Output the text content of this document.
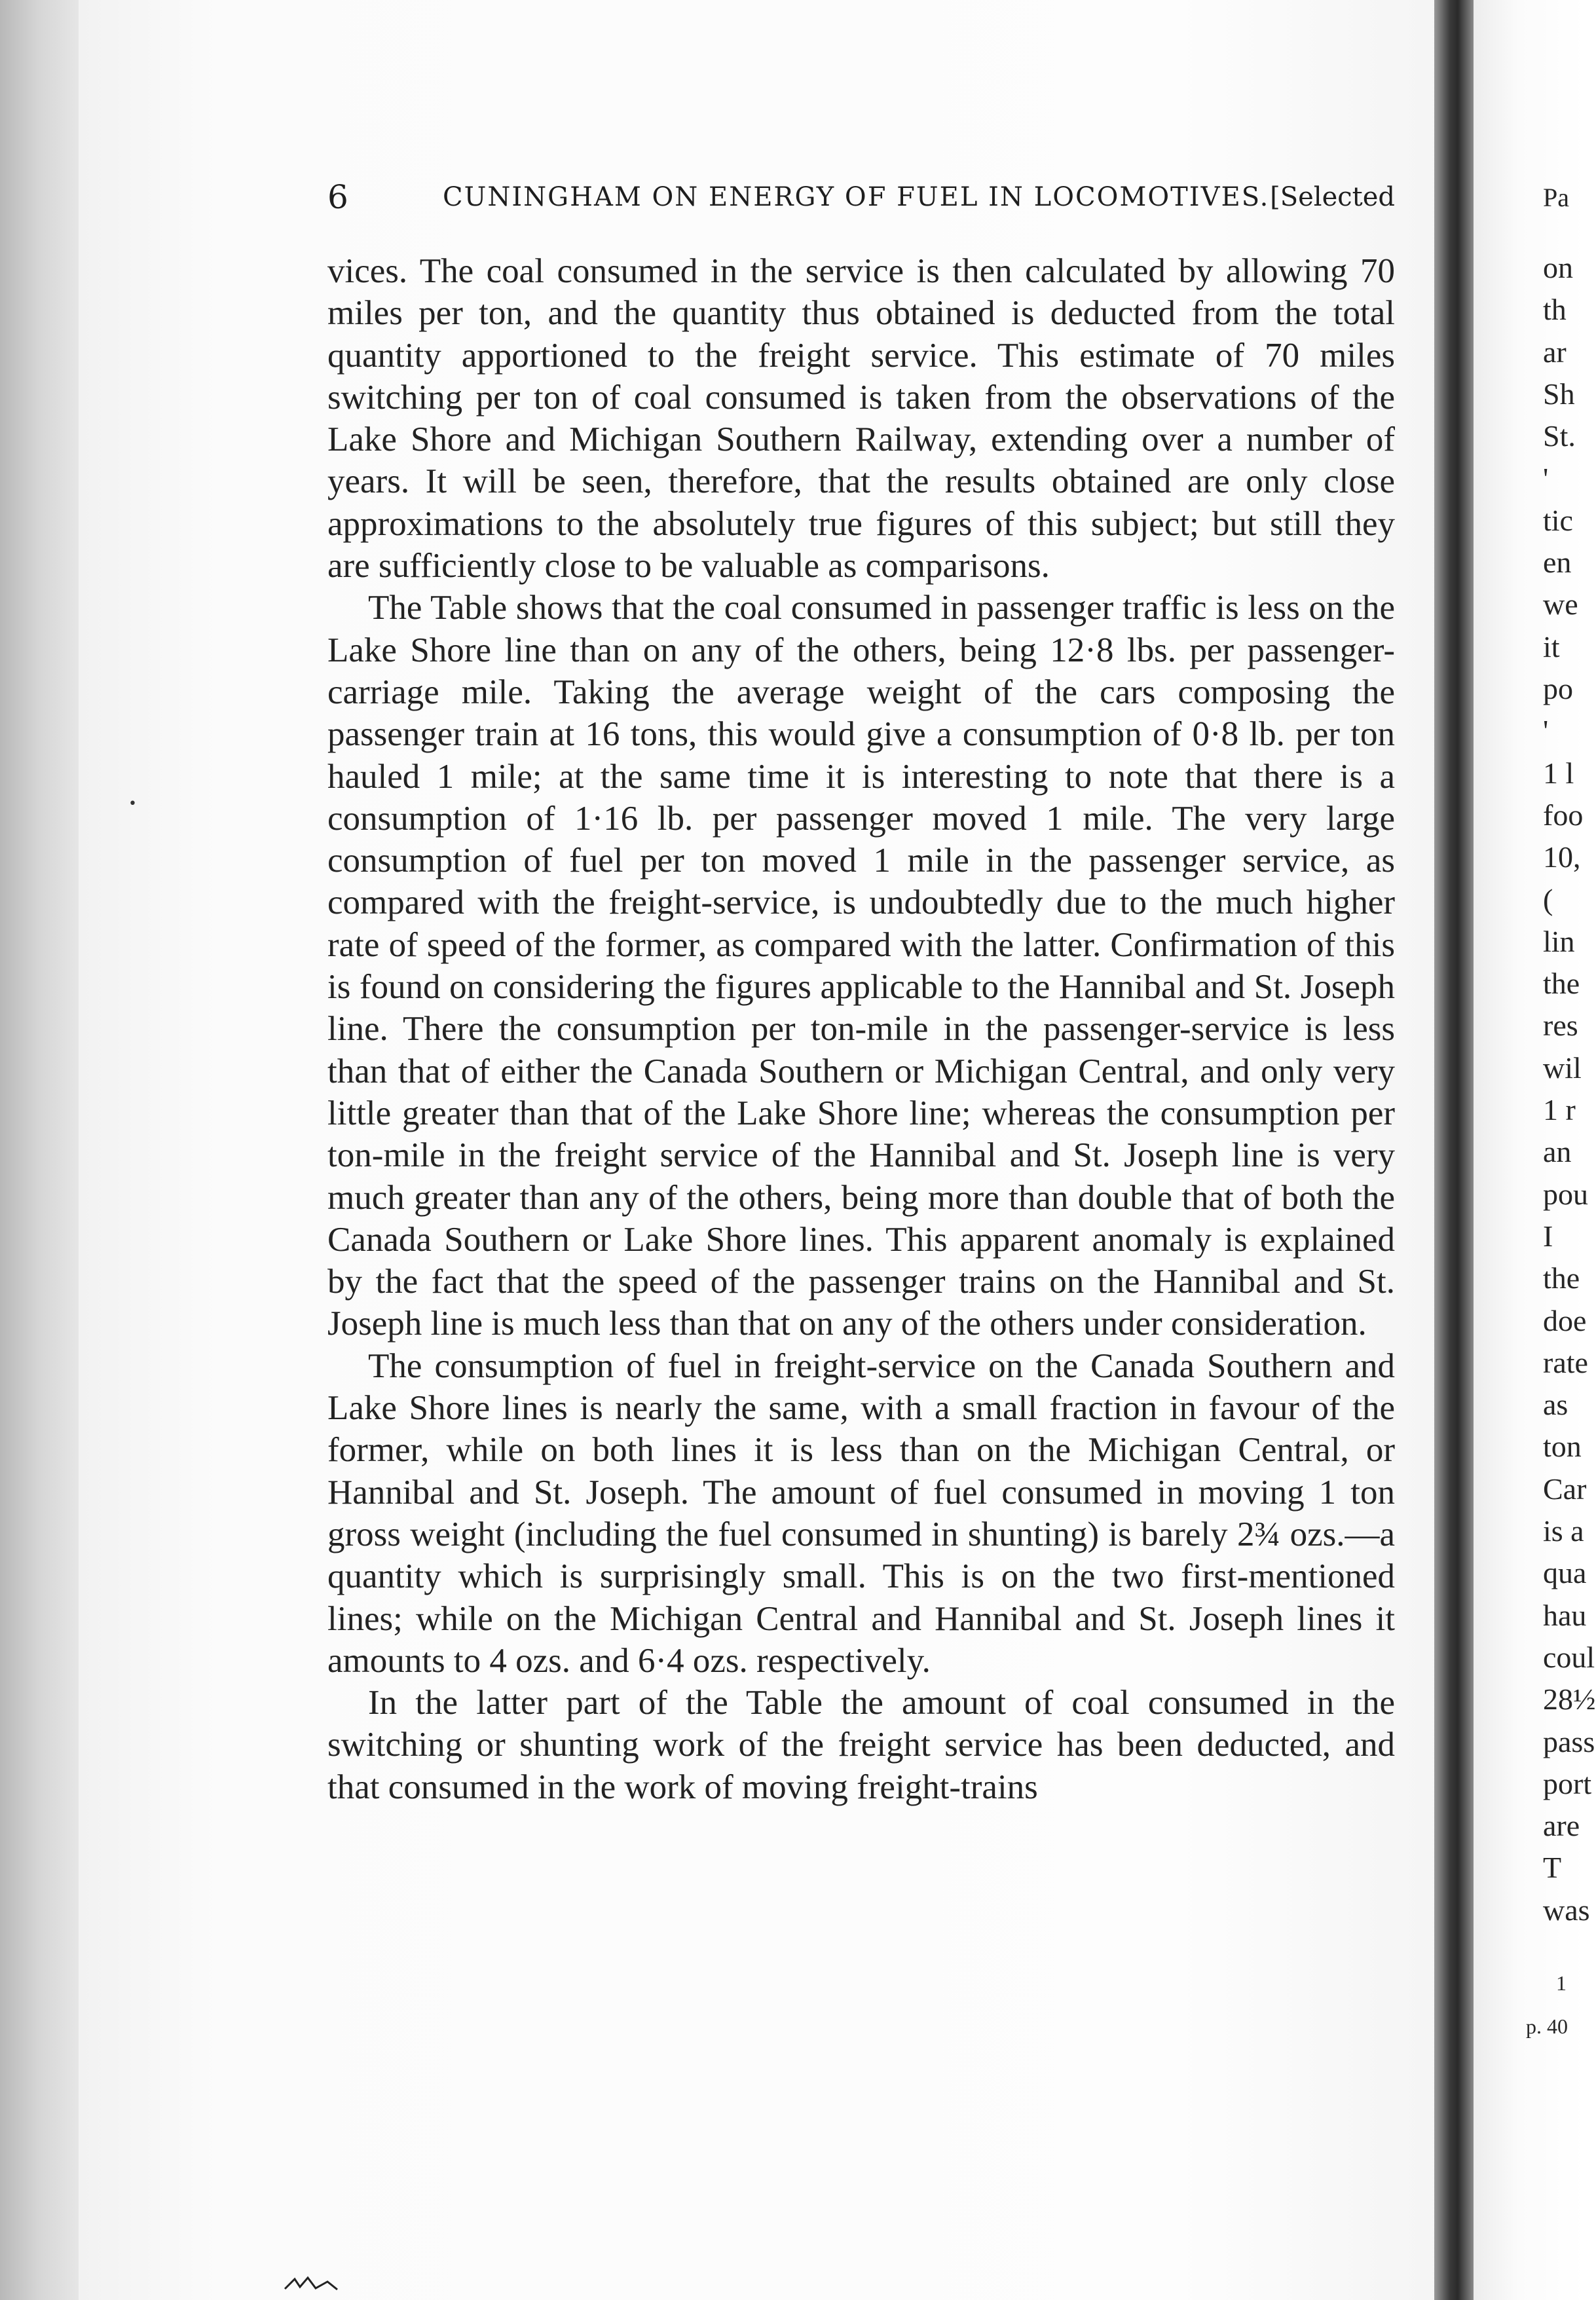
6	CUNINGHAM ON ENERGY OF FUEL IN LOCOMOTIVES. [Selected
•

vices. The coal consumed in the service is then calculated by allowing 70 miles per ton, and the quantity thus obtained is deducted from the total quantity apportioned to the freight service. This estimate of 70 miles switching per ton of coal consumed is taken from the observations of the Lake Shore and Michigan Southern Railway, extending over a number of years. It will be seen, therefore, that the results obtained are only close approximations to the absolutely true figures of this subject; but still they are sufficiently close to be valuable as comparisons.

The Table shows that the coal consumed in passenger traffic is less on the Lake Shore line than on any of the others, being 12·8 lbs. per passenger-carriage mile. Taking the average weight of the cars composing the passenger train at 16 tons, this would give a consumption of 0·8 lb. per ton hauled 1 mile; at the same time it is interesting to note that there is a consumption of 1·16 lb. per passenger moved 1 mile. The very large consumption of fuel per ton moved 1 mile in the passenger service, as compared with the freight-service, is undoubtedly due to the much higher rate of speed of the former, as compared with the latter. Confirmation of this is found on considering the figures applicable to the Hannibal and St. Joseph line. There the consumption per ton-mile in the passenger-service is less than that of either the Canada Southern or Michigan Central, and only very little greater than that of the Lake Shore line; whereas the consumption per ton-mile in the freight service of the Hannibal and St. Joseph line is very much greater than any of the others, being more than double that of both the Canada Southern or Lake Shore lines. This apparent anomaly is explained by the fact that the speed of the passenger trains on the Hannibal and St. Joseph line is much less than that on any of the others under consideration.

The consumption of fuel in freight-service on the Canada Southern and Lake Shore lines is nearly the same, with a small fraction in favour of the former, while on both lines it is less than on the Michigan Central, or Hannibal and St. Joseph. The amount of fuel consumed in moving 1 ton gross weight (including the fuel consumed in shunting) is barely 2¾ ozs.—a quantity which is surprisingly small. This is on the two first-mentioned lines; while on the Michigan Central and Hannibal and St. Joseph lines it amounts to 4 ozs. and 6·4 ozs. respectively.

In the latter part of the Table the amount of coal consumed in the switching or shunting work of the freight service has been deducted, and that consumed in the work of moving freight-trains

Pa
on
th
ar
Sh
St.
'
tic
en
we
it
po
'
1 l
foo
10,
(
lin
the
res
wil
1 r
an
pou
I
the
doe
rate
as
ton
Car
is a
qua
hau
coul
28½
pass
port
are
T
was
1
p. 40
